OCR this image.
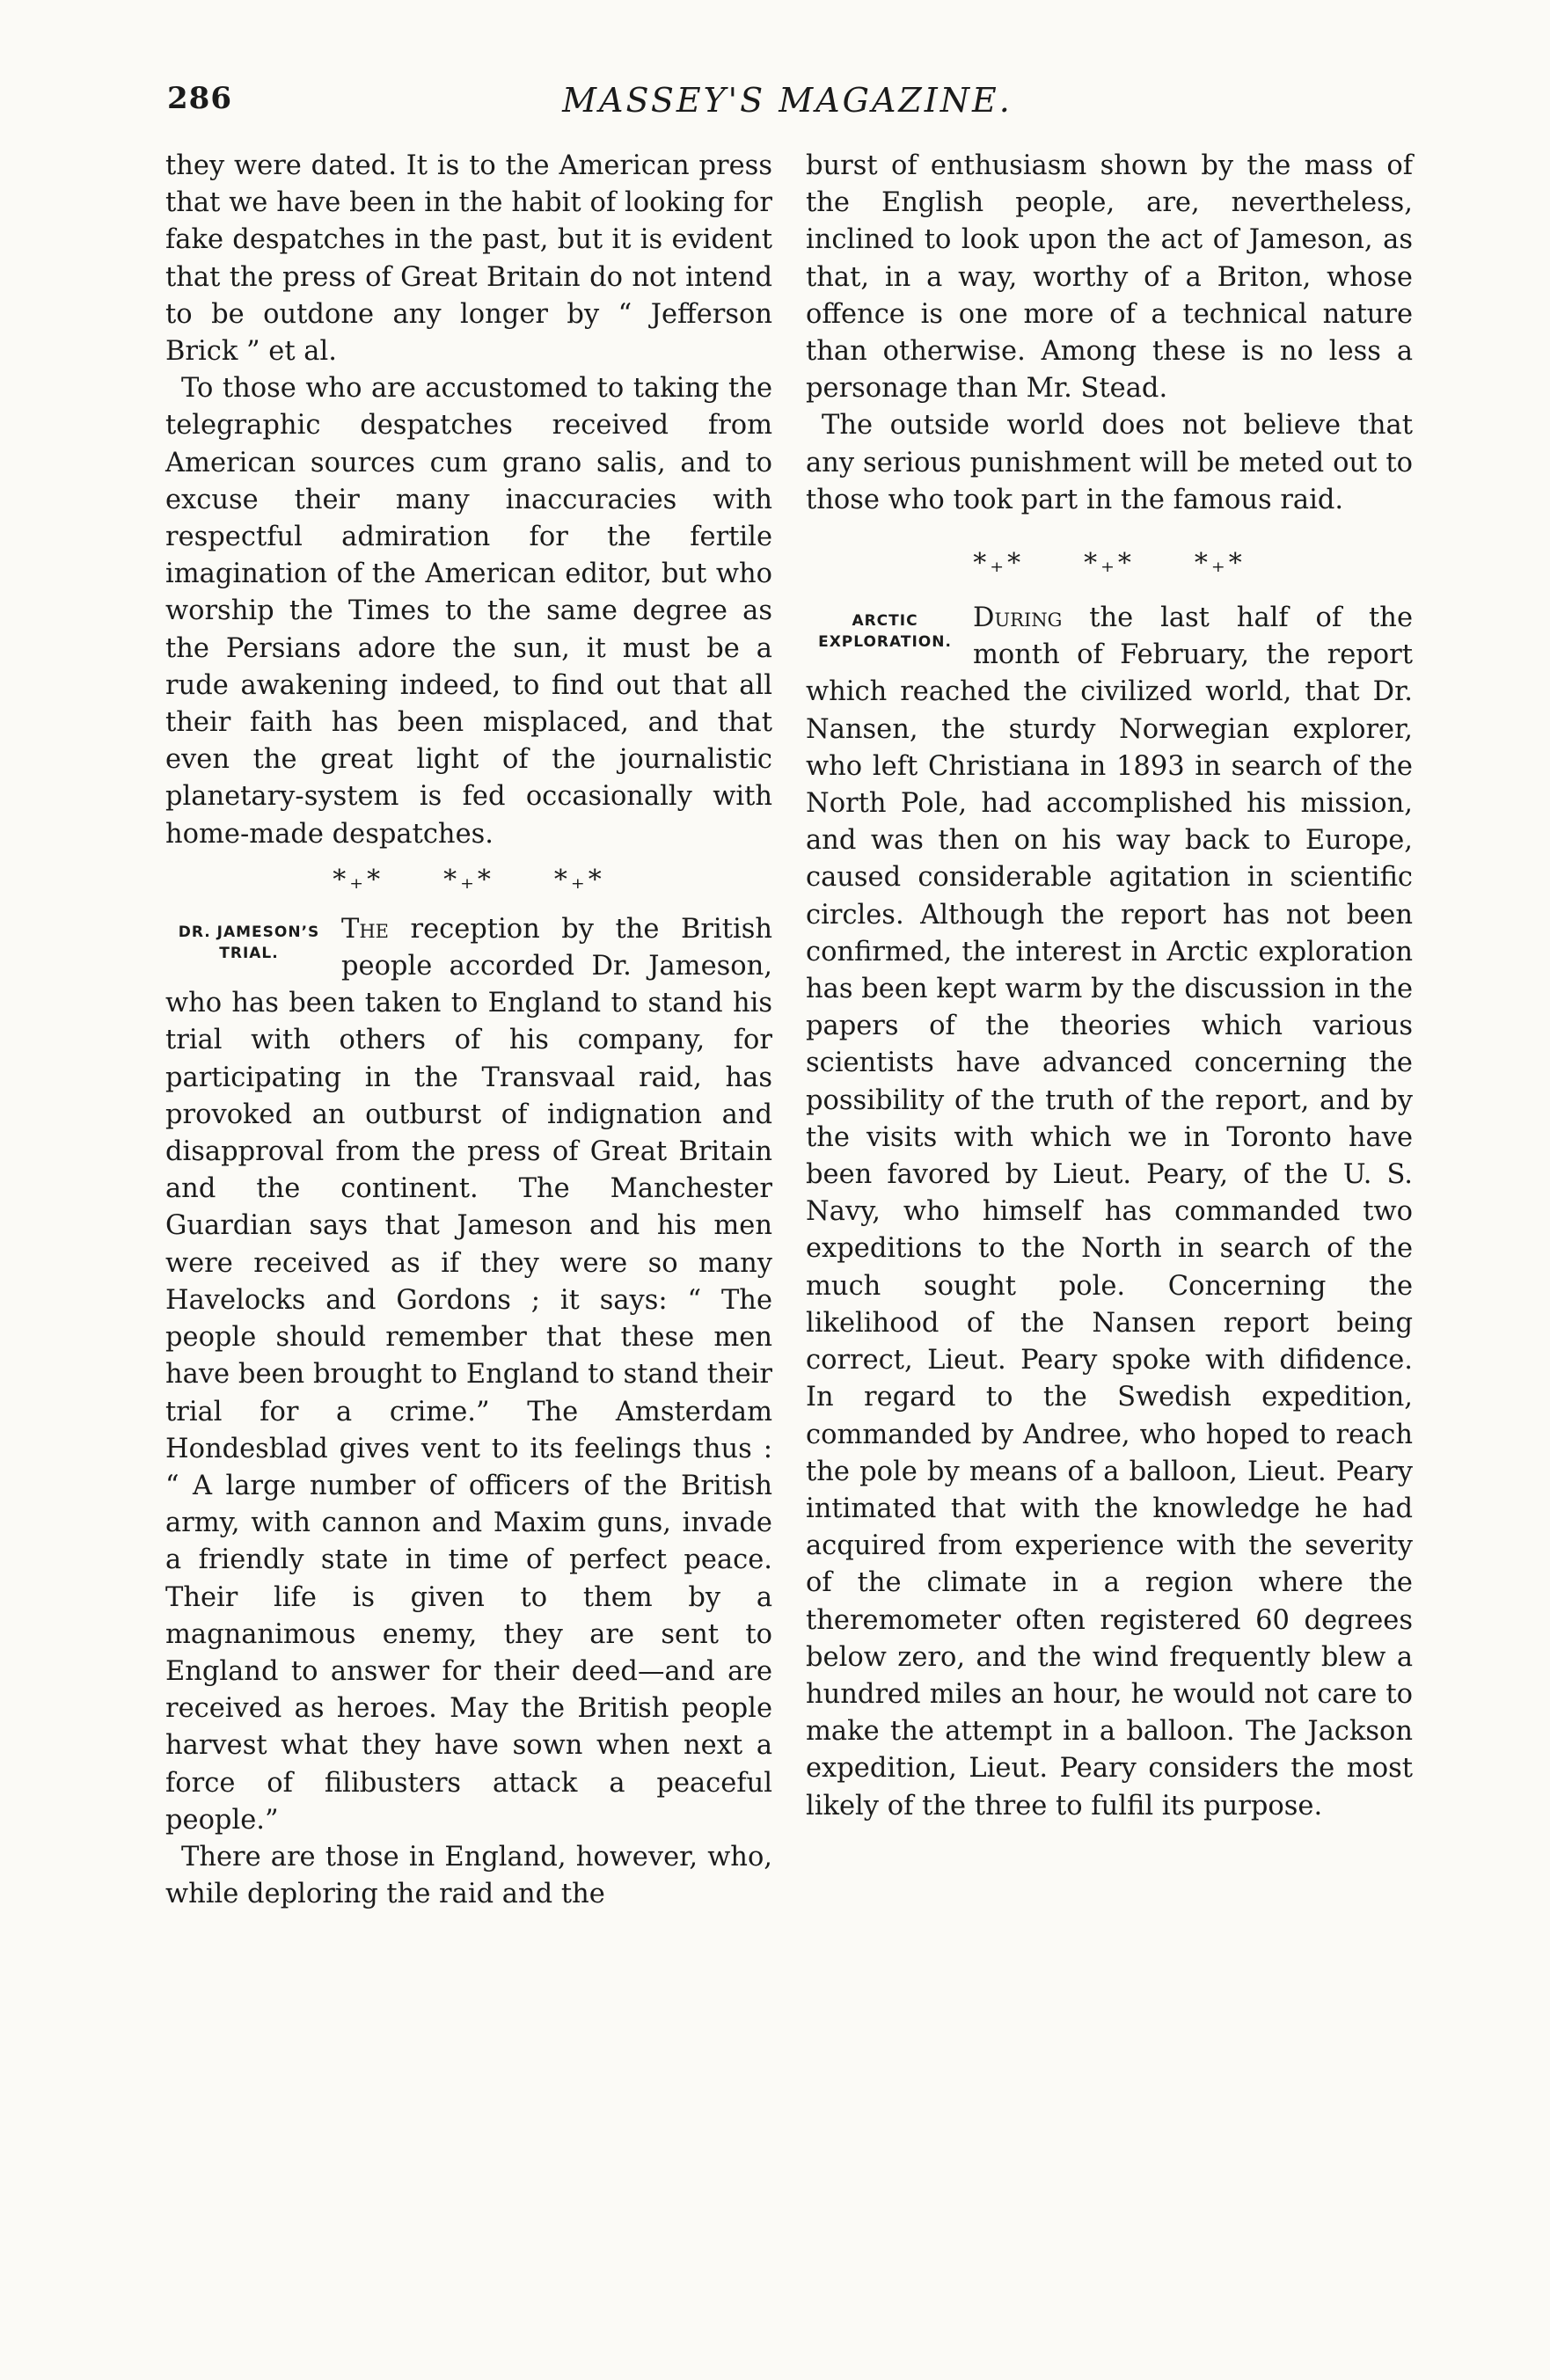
286	MASSEY'S MAGAZINE.

they were dated. It is to the American press that we have been in the habit of looking for fake despatches in the past, but it is evident that the press of Great Britain do not intend to be outdone any longer by “ Jefferson Brick ” et al.

To those who are accustomed to taking the telegraphic despatches received from American sources cum grano salis, and to excuse their many inaccuracies with respectful admiration for the fertile imagination of the American editor, but who worship the Times to the same degree as the Persians adore the sun, it must be a rude awakening indeed, to find out that all their faith has been misplaced, and that even the great light of the journalistic planetary-system is fed occasionally with home-made despatches.

*₊* *₊* *₊*
DR. JAMESON’S
TRIAL.

The reception by the British people accorded Dr. Jameson, who has been taken to England to stand his trial with others of his company, for participating in the Transvaal raid, has provoked an outburst of indignation and disapproval from the press of Great Britain and the continent. The Manchester Guardian says that Jameson and his men were received as if they were so many Havelocks and Gordons ; it says: “ The people should remember that these men have been brought to England to stand their trial for a crime.” The Amsterdam Hondesblad gives vent to its feelings thus : “ A large number of officers of the British army, with cannon and Maxim guns, invade a friendly state in time of perfect peace. Their life is given to them by a magnanimous enemy, they are sent to England to answer for their deed—and are received as heroes. May the British people harvest what they have sown when next a force of filibusters attack a peaceful people.”

There are those in England, however, who, while deploring the raid and the

burst of enthusiasm shown by the mass of the English people, are, nevertheless, inclined to look upon the act of Jameson, as that, in a way, worthy of a Briton, whose offence is one more of a technical nature than otherwise. Among these is no less a personage than Mr. Stead.

The outside world does not believe that any serious punishment will be meted out to those who took part in the famous raid.

*₊* *₊* *₊*
ARCTIC
EXPLORATION.

During the last half of the month of February, the report which reached the civilized world, that Dr. Nansen, the sturdy Norwegian explorer, who left Christiana in 1893 in search of the North Pole, had accomplished his mission, and was then on his way back to Europe, caused considerable agitation in scientific circles. Although the report has not been confirmed, the interest in Arctic exploration has been kept warm by the discussion in the papers of the theories which various scientists have advanced concerning the possibility of the truth of the report, and by the visits with which we in Toronto have been favored by Lieut. Peary, of the U. S. Navy, who himself has commanded two expeditions to the North in search of the much sought pole. Concerning the likelihood of the Nansen report being correct, Lieut. Peary spoke with difidence. In regard to the Swedish expedition, commanded by Andree, who hoped to reach the pole by means of a balloon, Lieut. Peary intimated that with the knowledge he had acquired from experience with the severity of the climate in a region where the theremometer often registered 60 degrees below zero, and the wind frequently blew a hundred miles an hour, he would not care to make the attempt in a balloon. The Jackson expedition, Lieut. Peary considers the most likely of the three to fulfil its purpose.
